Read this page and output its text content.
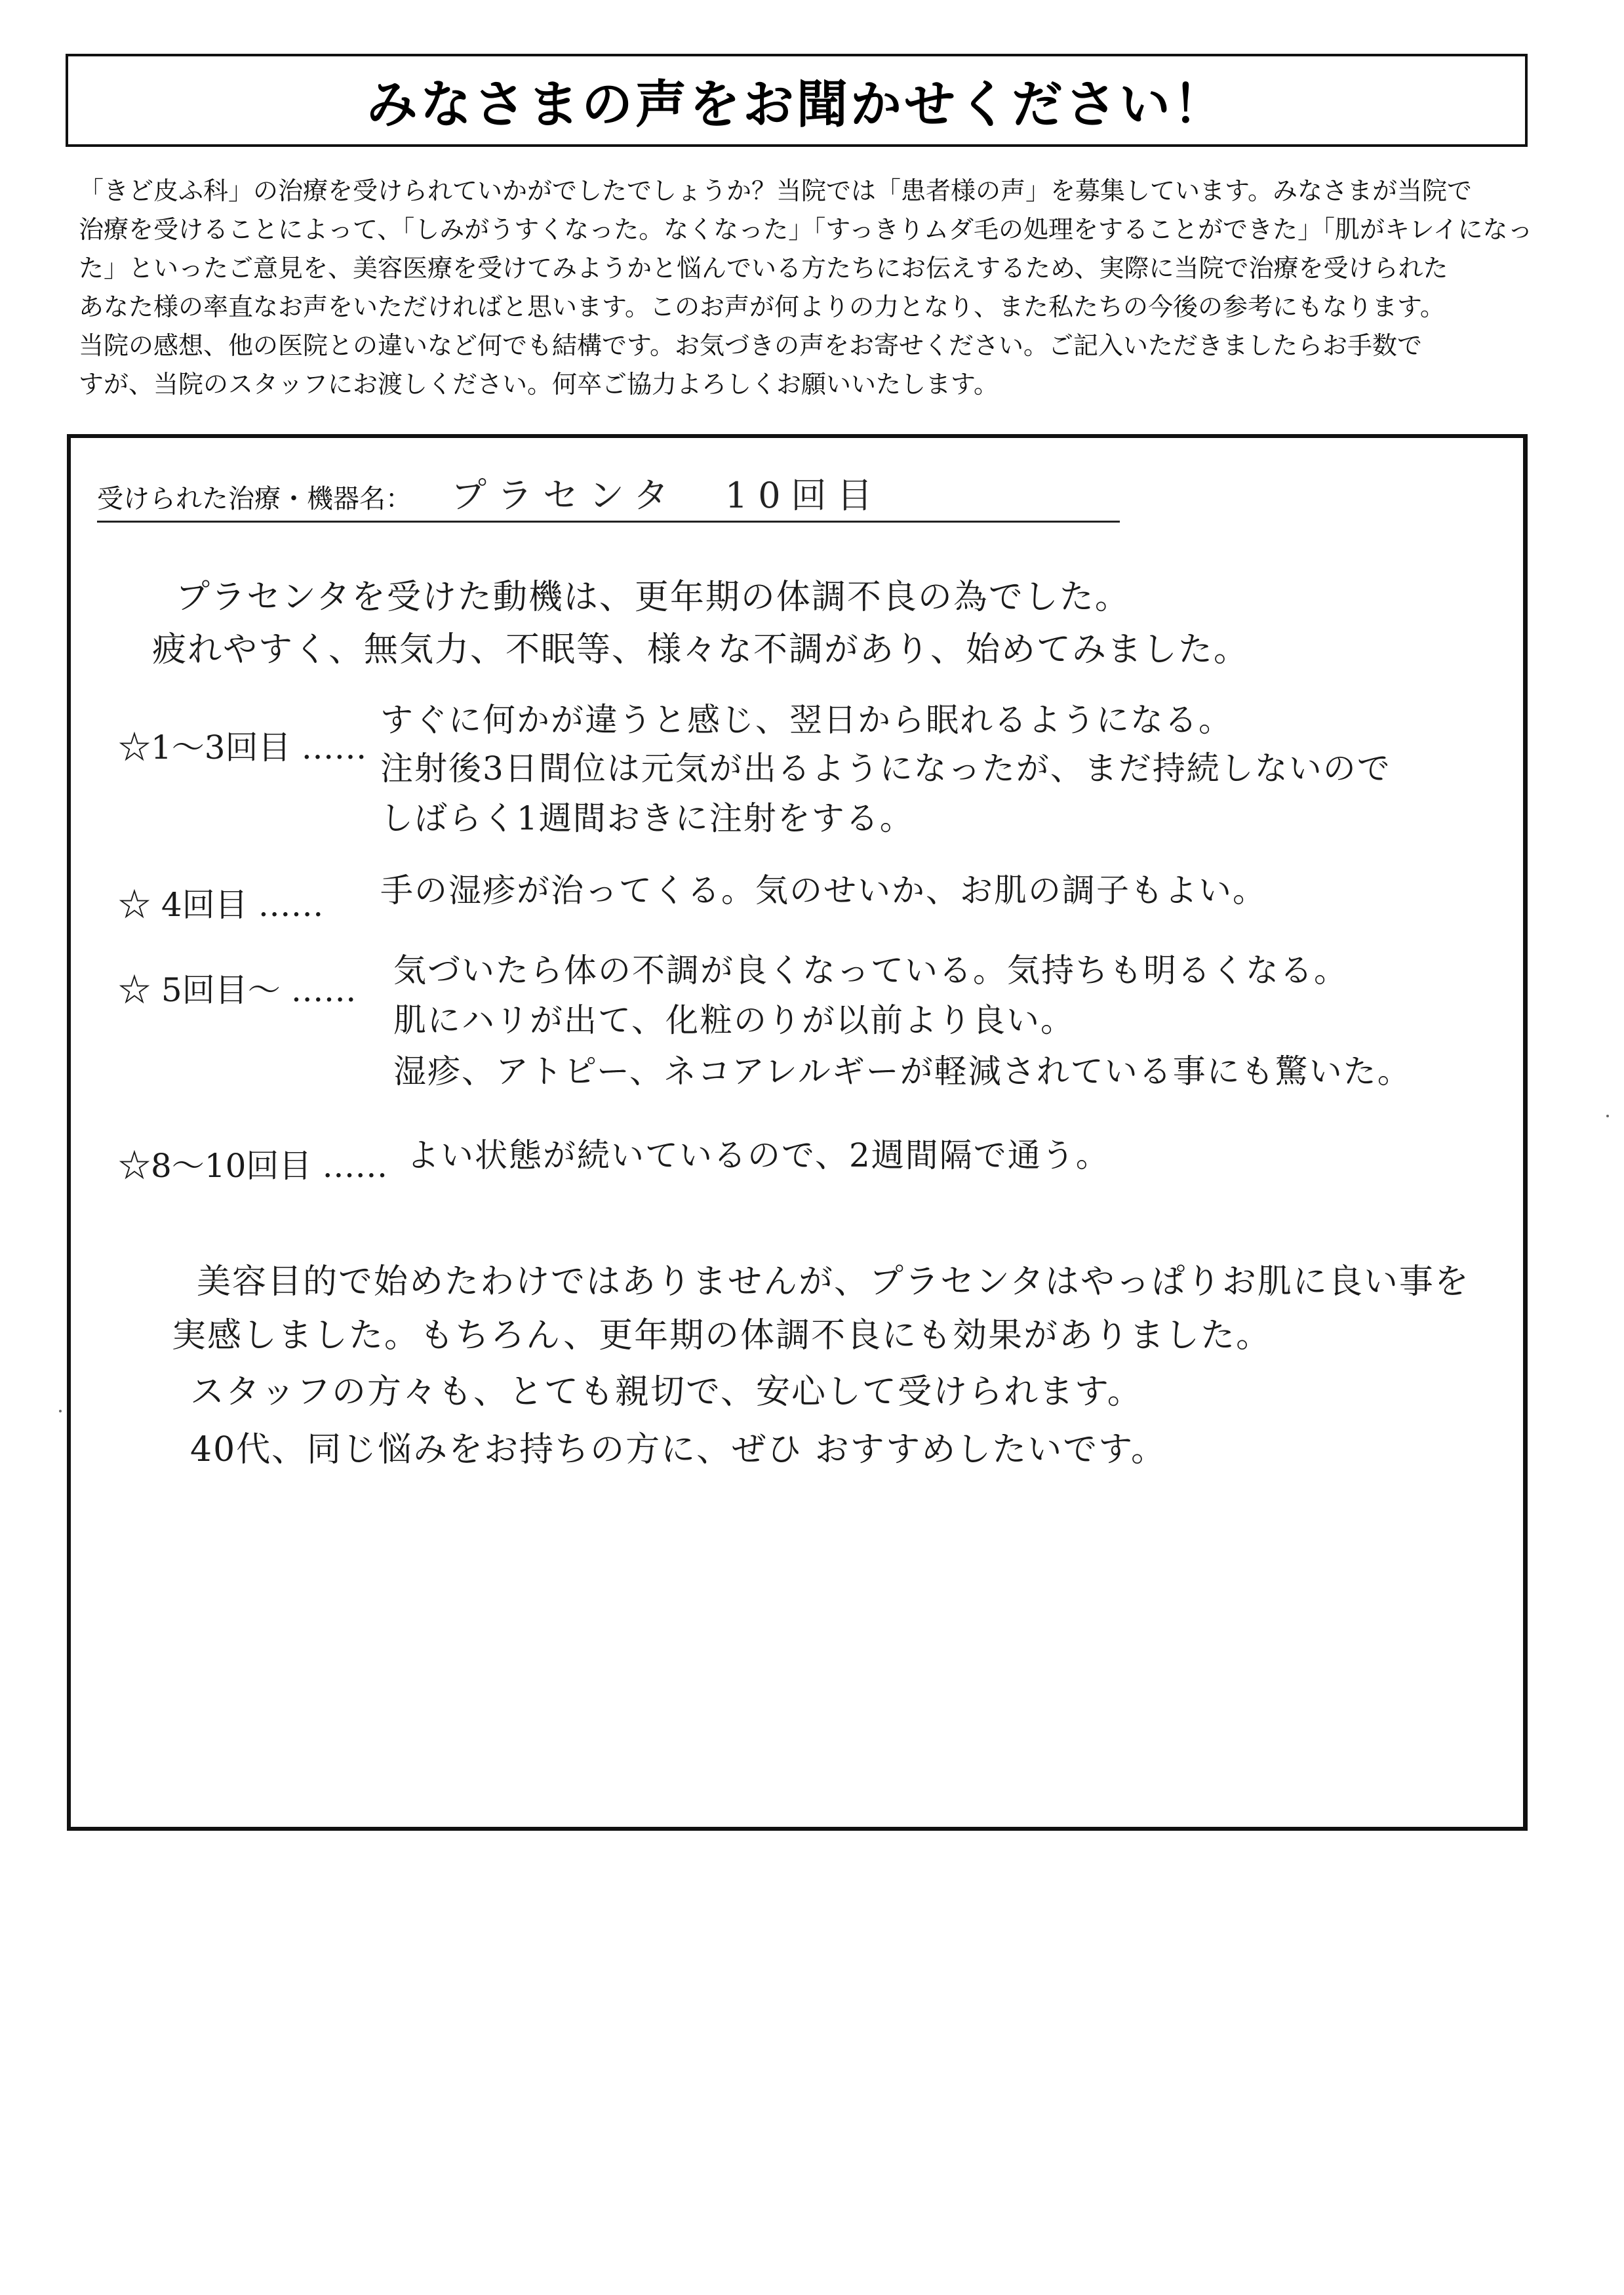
みなさまの声をお聞かせください！
「きど皮ふ科」の治療を受けられていかがでしたでしょうか？当院では「患者様の声」を募集しています。みなさまが当院で
治療を受けることによって、「しみがうすくなった。なくなった」「すっきりムダ毛の処理をすることができた」「肌がキレイになっ
た」といったご意見を、美容医療を受けてみようかと悩んでいる方たちにお伝えするため、実際に当院で治療を受けられた
あなた様の率直なお声をいただければと思います。このお声が何よりの力となり、また私たちの今後の参考にもなります。
当院の感想、他の医院との違いなど何でも結構です。お気づきの声をお寄せください。ご記入いただきましたらお手数で
すが、当院のスタッフにお渡しください。何卒ご協力よろしくお願いいたします。
受けられた治療・機器名： プラセンタ　10回目
プラセンタを受けた動機は、更年期の体調不良の為でした。
疲れやすく、無気力、不眠等、様々な不調があり、始めてみました。
☆1～3回目 ……
すぐに何かが違うと感じ、翌日から眠れるようになる。
注射後3日間位は元気が出るようになったが、まだ持続しないので
しばらく1週間おきに注射をする。
☆ 4回目 …… 手の湿疹が治ってくる。気のせいか、お肌の調子もよい。
☆ 5回目～ ……
気づいたら体の不調が良くなっている。気持ちも明るくなる。
肌にハリが出て、化粧のりが以前より良い。
湿疹、アトピー、ネコアレルギーが軽減されている事にも驚いた。
☆8～10回目 …… よい状態が続いているので、2週間隔で通う。
美容目的で始めたわけではありませんが、プラセンタはやっぱりお肌に良い事を
実感しました。もちろん、更年期の体調不良にも効果がありました。
スタッフの方々も、とても親切で、安心して受けられます。
40代、同じ悩みをお持ちの方に、ぜひ おすすめしたいです。
